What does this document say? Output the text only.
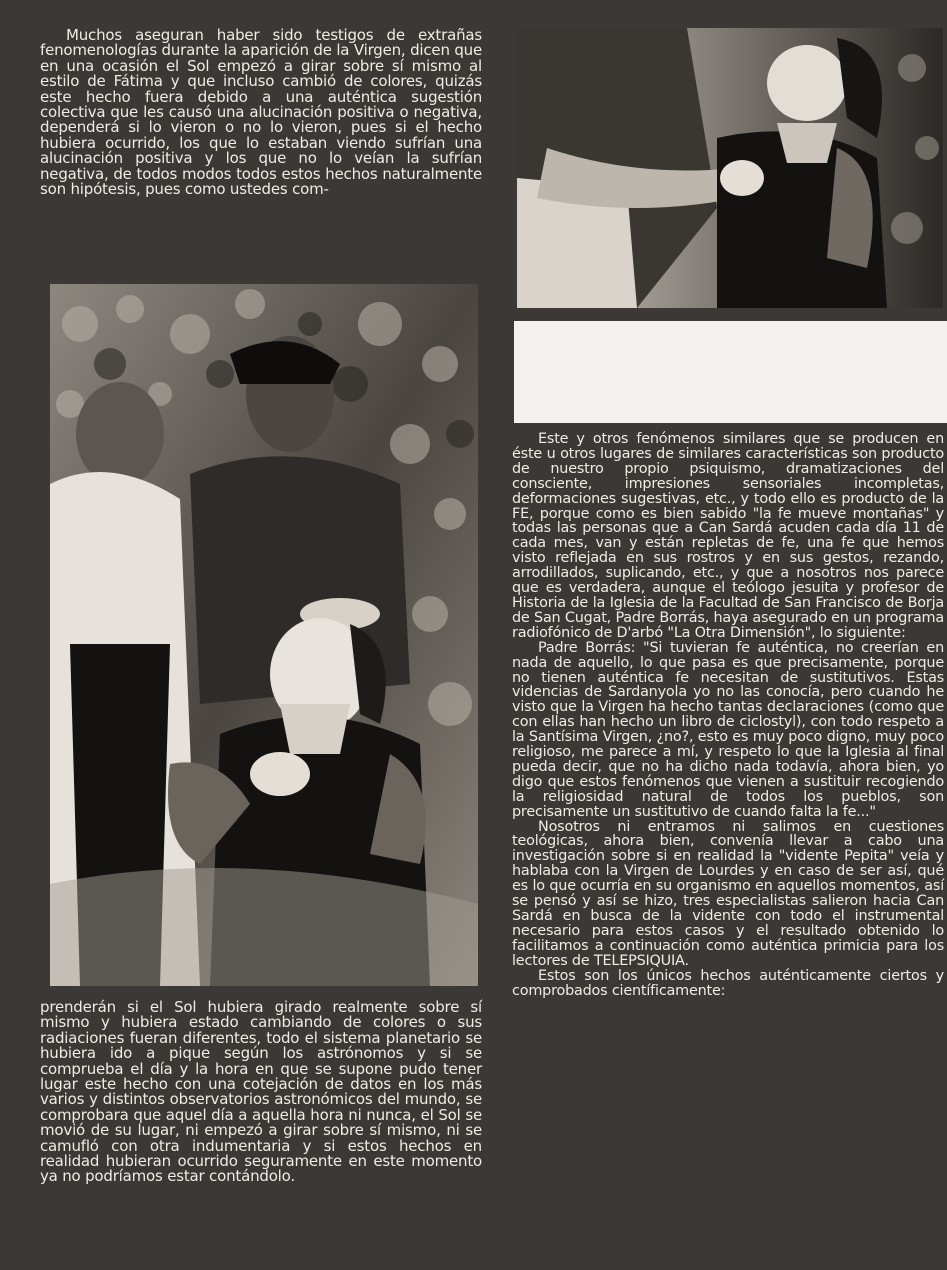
Muchos aseguran haber sido testigos de extrañas fenomenologías durante la aparición de la Virgen, dicen que en una ocasión el Sol empezó a girar sobre sí mismo al estilo de Fátima y que incluso cambió de colores, quizás este hecho fuera debido a una auténtica sugestión colectiva que les causó una alucinación positiva o negativa, dependerá si lo vieron o no lo vieron, pues si el hecho hubiera ocurrido, los que lo estaban viendo sufrían una alucinación positiva y los que no lo veían la sufrían negativa, de todos modos todos estos hechos naturalmente son hipótesis, pues como ustedes com-

prenderán si el Sol hubiera girado realmente sobre sí mismo y hubiera estado cambiando de colores o sus radiaciones fueran diferentes, todo el sistema planetario se hubiera ido a pique según los astrónomos y si se comprueba el día y la hora en que se supone pudo tener lugar este hecho con una cotejación de datos en los más varios y distintos observatorios astronómicos del mundo, se comprobara que aquel día a aquella hora ni nunca, el Sol se movió de su lugar, ni empezó a girar sobre sí mismo, ni se camufló con otra indumentaria y si estos hechos en realidad hubieran ocurrido seguramente en este momento ya no podríamos estar contándolo.

Este y otros fenómenos similares que se producen en éste u otros lugares de similares características son producto de nuestro propio psiquismo, dramatizaciones del consciente, impresiones sensoriales incompletas, deformaciones sugestivas, etc., y todo ello es producto de la FE, porque como es bien sabido "la fe mueve montañas" y todas las personas que a Can Sardá acuden cada día 11 de cada mes, van y están repletas de fe, una fe que hemos visto reflejada en sus rostros y en sus gestos, rezando, arrodillados, suplicando, etc., y que a nosotros nos parece que es verdadera, aunque el teólogo jesuita y profesor de Historia de la Iglesia de la Facultad de San Francisco de Borja de San Cugat, Padre Borrás, haya asegurado en un programa radiofónico de D'arbó "La Otra Dimensión", lo siguiente:

Padre Borrás: "Si tuvieran fe auténtica, no creerían en nada de aquello, lo que pasa es que precisamente, porque no tienen auténtica fe necesitan de sustitutivos. Estas videncias de Sardanyola yo no las conocía, pero cuando he visto que la Virgen ha hecho tantas declaraciones (como que con ellas han hecho un libro de ciclostyl), con todo respeto a la Santísima Virgen, ¿no?, esto es muy poco digno, muy poco religioso, me parece a mí, y respeto lo que la Iglesia al final pueda decir, que no ha dicho nada todavía, ahora bien, yo digo que estos fenómenos que vienen a sustituir recogiendo la religiosidad natural de todos los pueblos, son precisamente un sustitutivo de cuando falta la fe..."

Nosotros ni entramos ni salimos en cuestiones teológicas, ahora bien, convenía llevar a cabo una investigación sobre si en realidad la "vidente Pepita" veía y hablaba con la Virgen de Lourdes y en caso de ser así, qué es lo que ocurría en su organismo en aquellos momentos, así se pensó y así se hizo, tres especialistas salieron hacia Can Sardá en busca de la vidente con todo el instrumental necesario para estos casos y el resultado obtenido lo facilitamos a continuación como auténtica primicia para los lectores de TELEPSIQUIA.

Estos son los únicos hechos auténticamente ciertos y comprobados científicamente:
